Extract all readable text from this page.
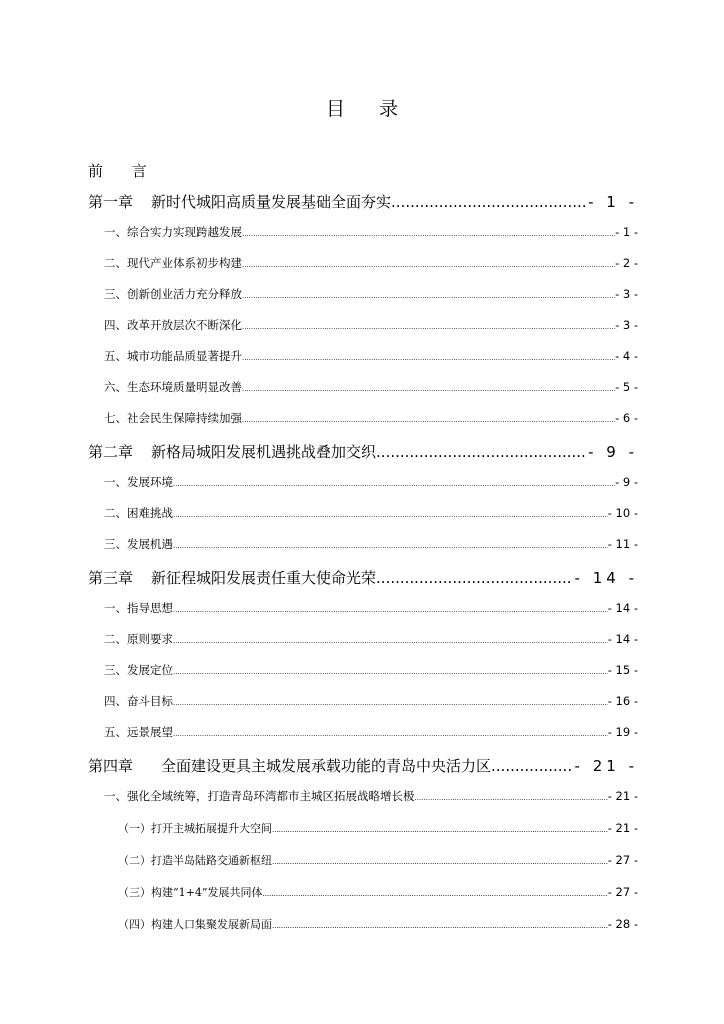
目 录
前 言
第一章 新时代城阳高质量发展基础全面夯实 .....	- 1 -
一、综合实力实现跨越发展 .....	- 1 -
二、现代产业体系初步构建 .....	- 2 -
三、创新创业活力充分释放 .....	- 3 -
四、改革开放层次不断深化 .....	- 3 -
五、城市功能品质显著提升 .....	- 4 -
六、生态环境质量明显改善 .....	- 5 -
七、社会民生保障持续加强 .....	- 6 -
第二章 新格局城阳发展机遇挑战叠加交织 .....	- 9 -
一、发展环境 .....	- 9 -
二、困难挑战 .....	- 10 -
三、发展机遇 .....	- 11 -
第三章 新征程城阳发展责任重大使命光荣 .....	- 14 -
一、指导思想 .....	- 14 -
二、原则要求 .....	- 14 -
三、发展定位 .....	- 15 -
四、奋斗目标 .....	- 16 -
五、远景展望 .....	- 19 -
第四章 全面建设更具主城发展承载功能的青岛中央活力区 .....	- 21 -
一、强化全域统筹，打造青岛环湾都市主城区拓展战略增长极 .....	- 21 -
（一）打开主城拓展提升大空间 .....	- 21 -
（二）打造半岛陆路交通新枢纽 .....	- 27 -
（三）构建“1+4”发展共同体 .....	- 27 -
（四）构建人口集聚发展新局面 .....	- 28 -
